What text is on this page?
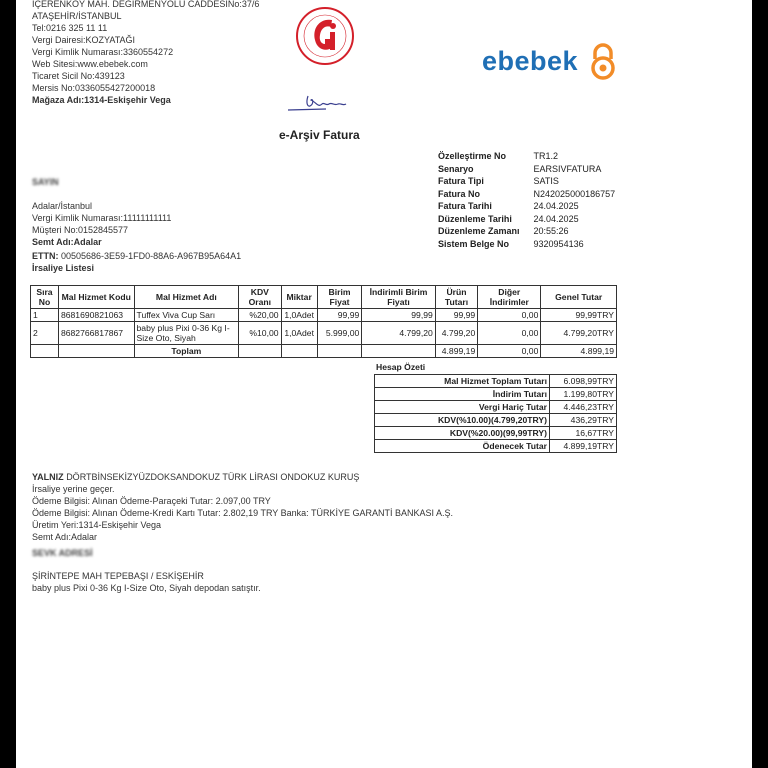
İÇERENKÖY MAH. DEĞİRMENYOLU CADDESİNo:37/6
ATAŞEHİR/İSTANBUL
Tel:0216 325 11 11
Vergi Dairesi:KOZYATAĞI
Vergi Kimlik Numarası:3360554272
Web Sitesi:www.ebebek.com
Ticaret Sicil No:439123
Mersis No:0336055427200018
Mağaza Adı:1314-Eskişehir Vega
ebebek
e-Arşiv Fatura
Özelleştirme No	TR1.2
Senaryo	EARSIVFATURA
Fatura Tipi	SATIS
Fatura No	N242025000186757
Fatura Tarihi	24.04.2025
Düzenleme Tarihi	24.04.2025
Düzenleme Zamanı	20:55:26
Sistem Belge No	9320954136
SAYIN
Adalar/İstanbul
Vergi Kimlik Numarası:11111111111
Müşteri No:0152845577
Semt Adı:Adalar
ETTN: 00505686-3E59-1FD0-88A6-A967B95A64A1
İrsaliye Listesi
Sıra No	Mal Hizmet Kodu	Mal Hizmet Adı	KDV Oranı	Miktar	Birim Fiyat	İndirimli Birim Fiyatı	Ürün Tutarı	Diğer İndirimler	Genel Tutar
1	8681690821063	Tuffex Viva Cup Sarı	%20,00	1,0Adet	99,99	99,99	99,99	0,00	99,99TRY
2	8682766817867	baby plus Pixi 0-36 Kg I-Size Oto, Siyah	%10,00	1,0Adet	5.999,00	4.799,20	4.799,20	0,00	4.799,20TRY
		Toplam					4.899,19	0,00	4.899,19
Hesap Özeti
Mal Hizmet Toplam Tutarı	6.098,99TRY
İndirim Tutarı	1.199,80TRY
Vergi Hariç Tutar	4.446,23TRY
KDV(%10.00)(4.799,20TRY)	436,29TRY
KDV(%20.00)(99,99TRY)	16,67TRY
Ödenecek Tutar	4.899,19TRY
YALNIZ DÖRTBİNSEKİZYÜZDOKSANDOKUZ TÜRK LİRASI ONDOKUZ KURUŞ
İrsaliye yerine geçer.
Ödeme Bilgisi: Alınan Ödeme-Paraçeki Tutar: 2.097,00 TRY
Ödeme Bilgisi: Alınan Ödeme-Kredi Kartı Tutar: 2.802,19 TRY Banka: TÜRKİYE GARANTİ BANKASI A.Ş.
Üretim Yeri:1314-Eskişehir Vega
Semt Adı:Adalar
SEVK ADRESİ
ŞİRİNTEPE MAH TEPEBAŞI / ESKİŞEHİR
baby plus Pixi 0-36 Kg I-Size Oto, Siyah depodan satıştır.
